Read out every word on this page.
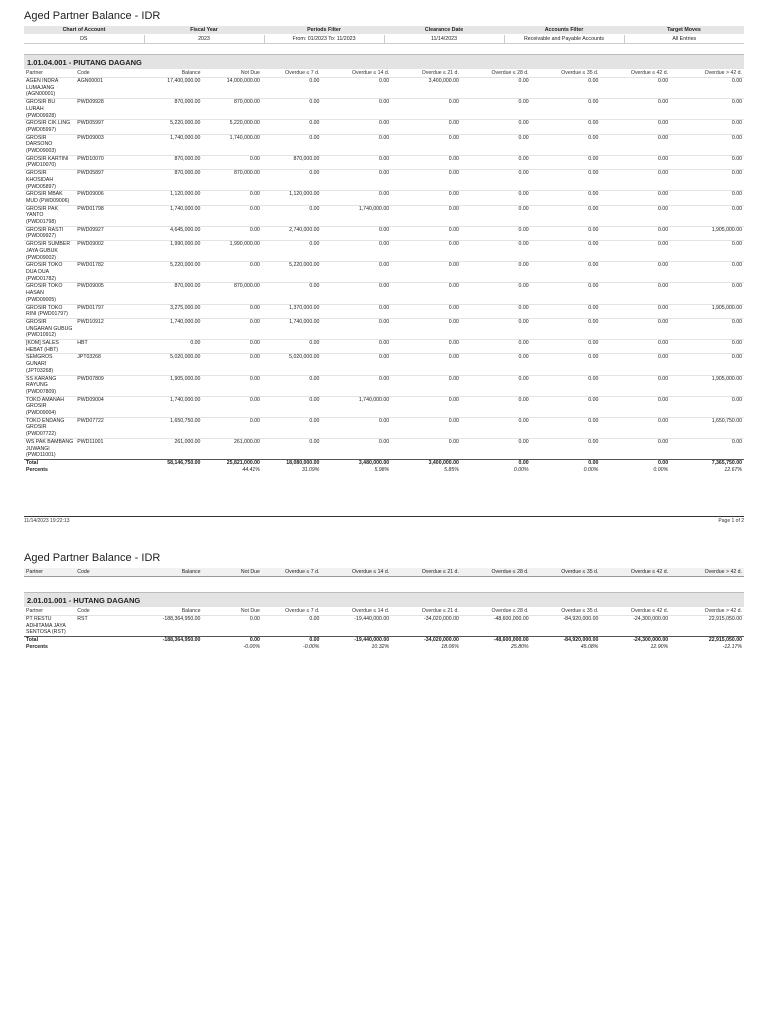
Aged Partner Balance - IDR
Chart of Account	Fiscal Year	Periods Filter	Clearance Date	Accounts Filter	Target Moves
DS	2023	From: 01/2023 To: 11/2023	11/14/2023	Receivable and Payable Accounts	All Entries
1.01.04.001 - PIUTANG DAGANG
Partner	Code	Balance	Not Due	Overdue ≤ 7 d.	Overdue ≤ 14 d.	Overdue ≤ 21 d.	Overdue ≤ 28 d.	Overdue ≤ 35 d.	Overdue ≤ 42 d.	Overdue > 42 d.
AGEN INDRA LUMAJANG (AGN00001)	AGN00001	17,400,000.00	14,000,000.00	0.00	0.00	3,400,000.00	0.00	0.00	0.00	0.00
GROSIR BU LURAH (PWD09928)	PWD09928	870,000.00	870,000.00	0.00	0.00	0.00	0.00	0.00	0.00	0.00
GROSIR CIK LING (PWD05997)	PWD05997	5,220,000.00	5,220,000.00	0.00	0.00	0.00	0.00	0.00	0.00	0.00
GROSIR DARSONO (PWD09003)	PWD09003	1,740,000.00	1,740,000.00	0.00	0.00	0.00	0.00	0.00	0.00	0.00
GROSIR KARTINI (PWD10070)	PWD10070	870,000.00	0.00	870,000.00	0.00	0.00	0.00	0.00	0.00	0.00
GROSIR KHOSIDAH (PWD05897)	PWD05897	870,000.00	870,000.00	0.00	0.00	0.00	0.00	0.00	0.00	0.00
GROSIR MBAK MUD (PWD09006)	PWD09006	1,120,000.00	0.00	1,120,000.00	0.00	0.00	0.00	0.00	0.00	0.00
GROSIR PAK YANTO (PWD01798)	PWD01798	1,740,000.00	0.00	0.00	1,740,000.00	0.00	0.00	0.00	0.00	0.00
GROSIR RASTI (PWD09927)	PWD09927	4,645,000.00	0.00	2,740,000.00	0.00	0.00	0.00	0.00	0.00	1,905,000.00
GROSIR SUMBER JAYA GUBUK (PWD09002)	PWD09002	1,990,000.00	1,990,000.00	0.00	0.00	0.00	0.00	0.00	0.00	0.00
GROSIR TOKO DUA DUA (PWD01782)	PWD01782	5,220,000.00	0.00	5,220,000.00	0.00	0.00	0.00	0.00	0.00	0.00
GROSIR TOKO HASAN (PWD09005)	PWD09005	870,000.00	870,000.00	0.00	0.00	0.00	0.00	0.00	0.00	0.00
GROSIR TOKO RINI (PWD01797)	PWD01797	3,275,000.00	0.00	1,370,000.00	0.00	0.00	0.00	0.00	0.00	1,905,000.00
GROSIR UNGARAN GUBUG (PWD10912)	PWD10912	1,740,000.00	0.00	1,740,000.00	0.00	0.00	0.00	0.00	0.00	0.00
[KOM] SALES HEBAT (HBT)	HBT	0.00	0.00	0.00	0.00	0.00	0.00	0.00	0.00	0.00
SEMGROS GUNARI (JPT03268)	JPT03268	5,020,000.00	0.00	5,020,000.00	0.00	0.00	0.00	0.00	0.00	0.00
SS KARANG RAYUNG (PWD07809)	PWD07809	1,905,000.00	0.00	0.00	0.00	0.00	0.00	0.00	0.00	1,905,000.00
TOKO AMANAH GROSIR (PWD09004)	PWD09004	1,740,000.00	0.00	0.00	1,740,000.00	0.00	0.00	0.00	0.00	0.00
TOKO ENDANG GROSIR (PWD07722)	PWD07722	1,650,750.00	0.00	0.00	0.00	0.00	0.00	0.00	0.00	1,650,750.00
WS PAK BAMBANG JUWANGI (PWD11001)	PWD11001	261,000.00	261,000.00	0.00	0.00	0.00	0.00	0.00	0.00	0.00
Total		58,146,750.00	25,821,000.00	18,080,000.00	3,480,000.00	3,400,000.00	0.00	0.00	0.00	7,365,750.00
Percents			44.41%	31.09%	5.98%	5.85%	0.00%	0.00%	0.00%	12.67%
11/14/2023 19:22:13	Page 1 of 2
Aged Partner Balance - IDR
Partner	Code	Balance	Not Due	Overdue ≤ 7 d.	Overdue ≤ 14 d.	Overdue ≤ 21 d.	Overdue ≤ 28 d.	Overdue ≤ 35 d.	Overdue ≤ 42 d.	Overdue > 42 d.
2.01.01.001 - HUTANG DAGANG
Partner	Code	Balance	Not Due	Overdue ≤ 7 d.	Overdue ≤ 14 d.	Overdue ≤ 21 d.	Overdue ≤ 28 d.	Overdue ≤ 35 d.	Overdue ≤ 42 d.	Overdue > 42 d.
PT RESTU ADHITAMA JAYA SENTOSA (RST)	RST	-188,364,950.00	0.00	0.00	-19,440,000.00	-34,020,000.00	-48,600,000.00	-84,920,000.00	-24,300,000.00	22,915,050.00
Total		-188,364,950.00	0.00	0.00	-19,440,000.00	-34,020,000.00	-48,600,000.00	-84,920,000.00	-24,300,000.00	22,915,050.00
Percents			-0.00%	-0.00%	10.32%	18.06%	25.80%	45.08%	12.90%	-12.17%
